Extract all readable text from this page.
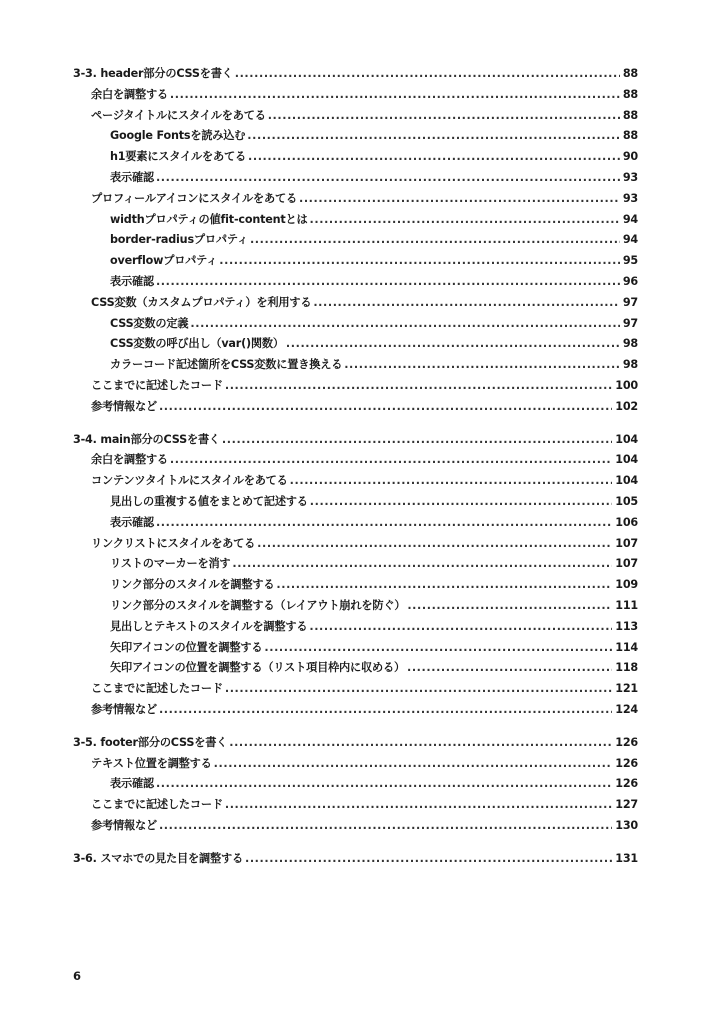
3-3. header部分のCSSを書く .....	88
余白を調整する .....	88
ページタイトルにスタイルをあてる .....	88
Google Fontsを読み込む .....	88
h1要素にスタイルをあてる .....	90
表示確認 .....	93
プロフィールアイコンにスタイルをあてる .....	93
widthプロパティの値fit-contentとは .....	94
border-radiusプロパティ .....	94
overflowプロパティ .....	95
表示確認 .....	96
CSS変数（カスタムプロパティ）を利用する .....	97
CSS変数の定義 .....	97
CSS変数の呼び出し（var()関数） .....	98
カラーコード記述箇所をCSS変数に置き換える .....	98
ここまでに記述したコード .....	100
参考情報など .....	102
3-4. main部分のCSSを書く .....	104
余白を調整する .....	104
コンテンツタイトルにスタイルをあてる .....	104
見出しの重複する値をまとめて記述する .....	105
表示確認 .....	106
リンクリストにスタイルをあてる .....	107
リストのマーカーを消す .....	107
リンク部分のスタイルを調整する .....	109
リンク部分のスタイルを調整する（レイアウト崩れを防ぐ） .....	111
見出しとテキストのスタイルを調整する .....	113
矢印アイコンの位置を調整する .....	114
矢印アイコンの位置を調整する（リスト項目枠内に収める） .....	118
ここまでに記述したコード .....	121
参考情報など .....	124
3-5. footer部分のCSSを書く .....	126
テキスト位置を調整する .....	126
表示確認 .....	126
ここまでに記述したコード .....	127
参考情報など .....	130
3-6. スマホでの見た目を調整する .....	131
6
